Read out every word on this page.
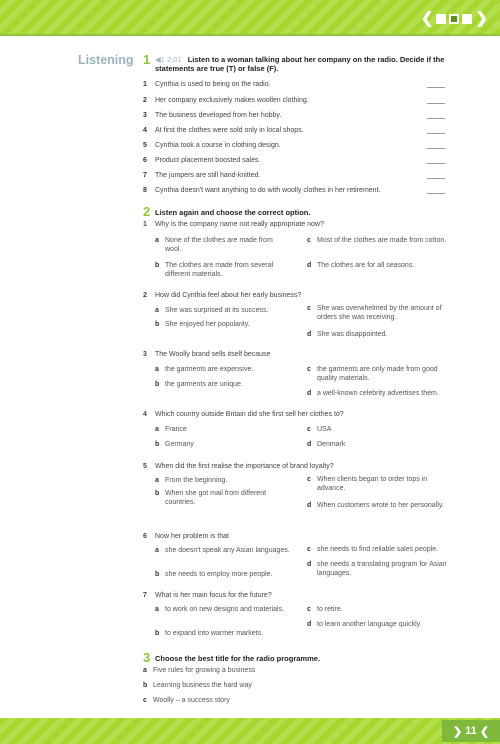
❮	❯
Listening 1 ◀1 2.01 Listen to a woman talking about her company on the radio. Decide if the statements are true (T) or false (F).
1 Cynthia is used to being on the radio.
2 Her company exclusively makes woollen clothing.
3 The business developed from her hobby.
4 At first the clothes were sold only in local shops.
5 Cynthia took a course in clothing design.
6 Product placement boosted sales.
7 The jumpers are still hand-knitted.
8 Cynthia doesn't want anything to do with woolly clothes in her retirement.
2 Listen again and choose the correct option.
1 Why is the company name not really appropriate now?
a None of the clothes are made from wool.
b The clothes are made from several different materials.
c Most of the clothes are made from cotton.
d The clothes are for all seasons.
2 How did Cynthia feel about her early business?
a She was surprised at its success.
b She enjoyed her popularity.
c She was overwhelmed by the amount of orders she was receiving.
d She was disappointed.
3 The Woolly brand sells itself because
a the garments are expensive.
b the garments are unique.
c the garments are only made from good quality materials.
d a well-known celebrity advertises them.
4 Which country outside Britain did she first sell her clothes to?
a France
b Germany
c USA
d Denmark
5 When did the first realise the importance of brand loyalty?
a From the beginning.
b When she got mail from different countries.
c When clients began to order tops in advance.
d When customers wrote to her personally.
6 Now her problem is that
a she doesn't speak any Asian languages.
b she needs to employ more people.
c she needs to find reliable sales people.
d she needs a translating program for Asian languages.
7 What is her main focus for the future?
a to work on new designs and materials.
b to expand into warmer markets.
c to retire.
d to learn another language quickly.
3 Choose the best title for the radio programme.
a Five rules for growing a business
b Learning business the hard way
c Woolly – a success story
❯ 11 ❮
